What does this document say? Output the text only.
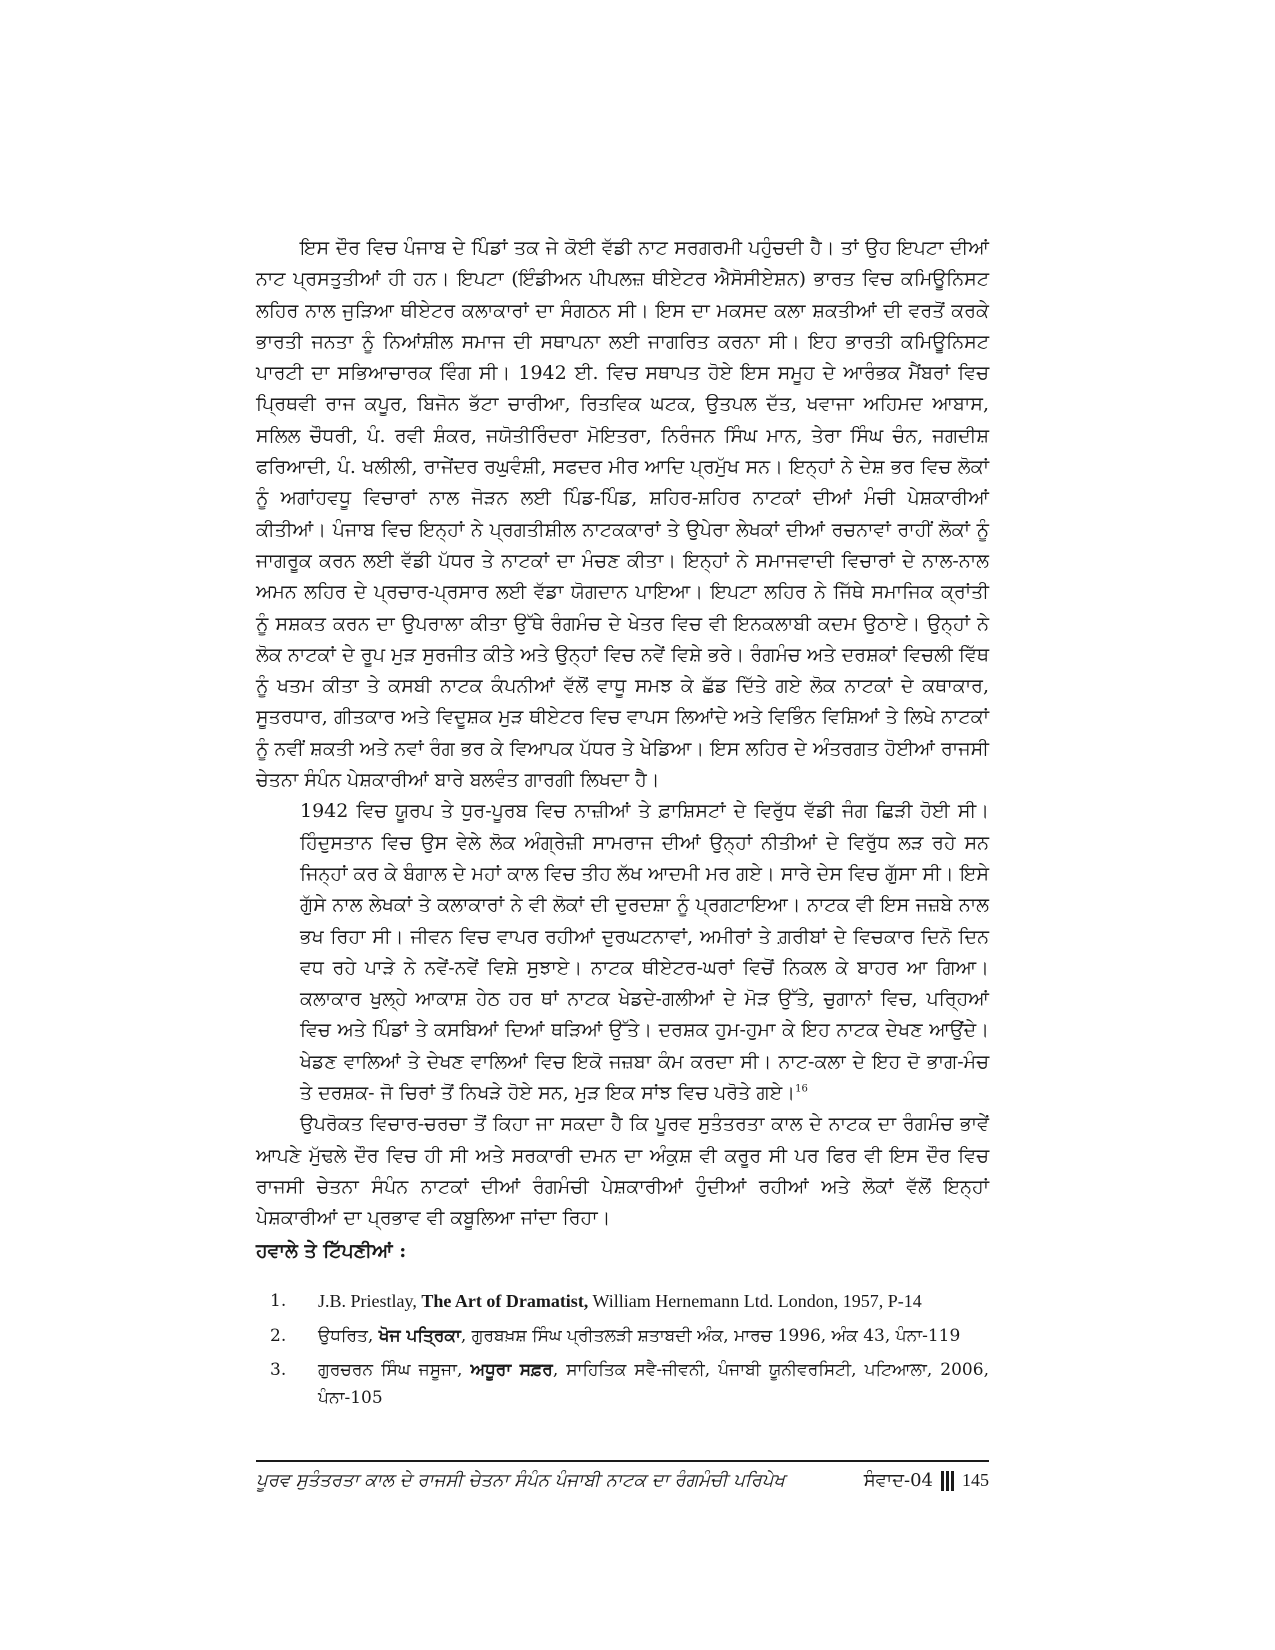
ਇਸ ਦੌਰ ਵਿਚ ਪੰਜਾਬ ਦੇ ਪਿੰਡਾਂ ਤਕ ਜੇ ਕੋਈ ਵੱਡੀ ਨਾਟ ਸਰਗਰਮੀ ਪਹੁੰਚਦੀ ਹੈ। ਤਾਂ ਉਹ ਇਪਟਾ ਦੀਆਂ ਨਾਟ ਪ੍ਰਸਤੁਤੀਆਂ ਹੀ ਹਨ। ਇਪਟਾ (ਇੰਡੀਅਨ ਪੀਪਲਜ਼ ਥੀਏਟਰ ਐਸੋਸੀਏਸ਼ਨ) ਭਾਰਤ ਵਿਚ ਕਮਿਊਨਿਸਟ ਲਹਿਰ ਨਾਲ ਜੁੜਿਆ ਥੀਏਟਰ ਕਲਾਕਾਰਾਂ ਦਾ ਸੰਗਠਨ ਸੀ। ਇਸ ਦਾ ਮਕਸਦ ਕਲਾ ਸ਼ਕਤੀਆਂ ਦੀ ਵਰਤੋਂ ਕਰਕੇ ਭਾਰਤੀ ਜਨਤਾ ਨੂੰ ਨਿਆਂਸ਼ੀਲ ਸਮਾਜ ਦੀ ਸਥਾਪਨਾ ਲਈ ਜਾਗਰਿਤ ਕਰਨਾ ਸੀ। ਇਹ ਭਾਰਤੀ ਕਮਿਊਨਿਸਟ ਪਾਰਟੀ ਦਾ ਸਭਿਆਚਾਰਕ ਵਿੰਗ ਸੀ। 1942 ਈ. ਵਿਚ ਸਥਾਪਤ ਹੋਏ ਇਸ ਸਮੂਹ ਦੇ ਆਰੰਭਕ ਮੈਂਬਰਾਂ ਵਿਚ ਪ੍ਰਿਥਵੀ ਰਾਜ ਕਪੂਰ, ਬਿਜੋਨ ਭੱਟਾ ਚਾਰੀਆ, ਰਿਤਵਿਕ ਘਟਕ, ਉਤਪਲ ਦੱਤ, ਖਵਾਜਾ ਅਹਿਮਦ ਆਬਾਸ, ਸਲਿਲ ਚੌਧਰੀ, ਪੰ. ਰਵੀ ਸ਼ੰਕਰ, ਜਯੋਤੀਰਿੰਦਰਾ ਮੋਇਤਰਾ, ਨਿਰੰਜਨ ਸਿੰਘ ਮਾਨ, ਤੇਰਾ ਸਿੰਘ ਚੰਨ, ਜਗਦੀਸ਼ ਫਰਿਆਦੀ, ਪੰ. ਖਲੀਲੀ, ਰਾਜੇਂਦਰ ਰਘੁਵੰਸ਼ੀ, ਸਫਦਰ ਮੀਰ ਆਦਿ ਪ੍ਰਮੁੱਖ ਸਨ। ਇਨ੍ਹਾਂ ਨੇ ਦੇਸ਼ ਭਰ ਵਿਚ ਲੋਕਾਂ ਨੂੰ ਅਗਾਂਹਵਧੂ ਵਿਚਾਰਾਂ ਨਾਲ ਜੋੜਨ ਲਈ ਪਿੰਡ-ਪਿੰਡ, ਸ਼ਹਿਰ-ਸ਼ਹਿਰ ਨਾਟਕਾਂ ਦੀਆਂ ਮੰਚੀ ਪੇਸ਼ਕਾਰੀਆਂ ਕੀਤੀਆਂ। ਪੰਜਾਬ ਵਿਚ ਇਨ੍ਹਾਂ ਨੇ ਪ੍ਰਗਤੀਸ਼ੀਲ ਨਾਟਕਕਾਰਾਂ ਤੇ ਉਪੇਰਾ ਲੇਖਕਾਂ ਦੀਆਂ ਰਚਨਾਵਾਂ ਰਾਹੀਂ ਲੋਕਾਂ ਨੂੰ ਜਾਗਰੂਕ ਕਰਨ ਲਈ ਵੱਡੀ ਪੱਧਰ ਤੇ ਨਾਟਕਾਂ ਦਾ ਮੰਚਣ ਕੀਤਾ। ਇਨ੍ਹਾਂ ਨੇ ਸਮਾਜਵਾਦੀ ਵਿਚਾਰਾਂ ਦੇ ਨਾਲ-ਨਾਲ ਅਮਨ ਲਹਿਰ ਦੇ ਪ੍ਰਚਾਰ-ਪ੍ਰਸਾਰ ਲਈ ਵੱਡਾ ਯੋਗਦਾਨ ਪਾਇਆ। ਇਪਟਾ ਲਹਿਰ ਨੇ ਜਿੱਥੇ ਸਮਾਜਿਕ ਕ੍ਰਾਂਤੀ ਨੂੰ ਸਸ਼ਕਤ ਕਰਨ ਦਾ ਉਪਰਾਲਾ ਕੀਤਾ ਉੱਥੇ ਰੰਗਮੰਚ ਦੇ ਖੇਤਰ ਵਿਚ ਵੀ ਇਨਕਲਾਬੀ ਕਦਮ ਉਠਾਏ। ਉਨ੍ਹਾਂ ਨੇ ਲੋਕ ਨਾਟਕਾਂ ਦੇ ਰੂਪ ਮੁੜ ਸੁਰਜੀਤ ਕੀਤੇ ਅਤੇ ਉਨ੍ਹਾਂ ਵਿਚ ਨਵੇਂ ਵਿਸ਼ੇ ਭਰੇ। ਰੰਗਮੰਚ ਅਤੇ ਦਰਸ਼ਕਾਂ ਵਿਚਲੀ ਵਿੱਥ ਨੂੰ ਖਤਮ ਕੀਤਾ ਤੇ ਕਸਬੀ ਨਾਟਕ ਕੰਪਨੀਆਂ ਵੱਲੋਂ ਵਾਧੂ ਸਮਝ ਕੇ ਛੱਡ ਦਿੱਤੇ ਗਏ ਲੋਕ ਨਾਟਕਾਂ ਦੇ ਕਥਾਕਾਰ, ਸੂਤਰਧਾਰ, ਗੀਤਕਾਰ ਅਤੇ ਵਿਦੂਸ਼ਕ ਮੁੜ ਥੀਏਟਰ ਵਿਚ ਵਾਪਸ ਲਿਆਂਦੇ ਅਤੇ ਵਿਭਿੰਨ ਵਿਸ਼ਿਆਂ ਤੇ ਲਿਖੇ ਨਾਟਕਾਂ ਨੂੰ ਨਵੀਂ ਸ਼ਕਤੀ ਅਤੇ ਨਵਾਂ ਰੰਗ ਭਰ ਕੇ ਵਿਆਪਕ ਪੱਧਰ ਤੇ ਖੇਡਿਆ। ਇਸ ਲਹਿਰ ਦੇ ਅੰਤਰਗਤ ਹੋਈਆਂ ਰਾਜਸੀ ਚੇਤਨਾ ਸੰਪੰਨ ਪੇਸ਼ਕਾਰੀਆਂ ਬਾਰੇ ਬਲਵੰਤ ਗਾਰਗੀ ਲਿਖਦਾ ਹੈ।

1942 ਵਿਚ ਯੂਰਪ ਤੇ ਧੁਰ-ਪੂਰਬ ਵਿਚ ਨਾਜ਼ੀਆਂ ਤੇ ਫ਼ਾਸ਼ਿਸਟਾਂ ਦੇ ਵਿਰੁੱਧ ਵੱਡੀ ਜੰਗ ਛਿੜੀ ਹੋਈ ਸੀ। ਹਿੰਦੁਸਤਾਨ ਵਿਚ ਉਸ ਵੇਲੇ ਲੋਕ ਅੰਗ੍ਰੇਜ਼ੀ ਸਾਮਰਾਜ ਦੀਆਂ ਉਨ੍ਹਾਂ ਨੀਤੀਆਂ ਦੇ ਵਿਰੁੱਧ ਲੜ ਰਹੇ ਸਨ ਜਿਨ੍ਹਾਂ ਕਰ ਕੇ ਬੰਗਾਲ ਦੇ ਮਹਾਂ ਕਾਲ ਵਿਚ ਤੀਹ ਲੱਖ ਆਦਮੀ ਮਰ ਗਏ। ਸਾਰੇ ਦੇਸ ਵਿਚ ਗੁੱਸਾ ਸੀ। ਇਸੇ ਗੁੱਸੇ ਨਾਲ ਲੇਖਕਾਂ ਤੇ ਕਲਾਕਾਰਾਂ ਨੇ ਵੀ ਲੋਕਾਂ ਦੀ ਦੁਰਦਸ਼ਾ ਨੂੰ ਪ੍ਰਗਟਾਇਆ। ਨਾਟਕ ਵੀ ਇਸ ਜਜ਼ਬੇ ਨਾਲ ਭਖ ਰਿਹਾ ਸੀ। ਜੀਵਨ ਵਿਚ ਵਾਪਰ ਰਹੀਆਂ ਦੁਰਘਟਨਾਵਾਂ, ਅਮੀਰਾਂ ਤੇ ਗ਼ਰੀਬਾਂ ਦੇ ਵਿਚਕਾਰ ਦਿਨੋ ਦਿਨ ਵਧ ਰਹੇ ਪਾੜੇ ਨੇ ਨਵੇਂ-ਨਵੇਂ ਵਿਸ਼ੇ ਸੁਝਾਏ। ਨਾਟਕ ਥੀਏਟਰ-ਘਰਾਂ ਵਿਚੋਂ ਨਿਕਲ ਕੇ ਬਾਹਰ ਆ ਗਿਆ। ਕਲਾਕਾਰ ਖੁਲ੍ਹੇ ਆਕਾਸ਼ ਹੇਠ ਹਰ ਥਾਂ ਨਾਟਕ ਖੇਡਦੇ-ਗਲੀਆਂ ਦੇ ਮੋੜ ਉੱਤੇ, ਚੁਗਾਨਾਂ ਵਿਚ, ਪਰ੍ਹਿਆਂ ਵਿਚ ਅਤੇ ਪਿੰਡਾਂ ਤੇ ਕਸਬਿਆਂ ਦਿਆਂ ਥੜਿਆਂ ਉੱਤੇ। ਦਰਸ਼ਕ ਹੁਮ-ਹੁਮਾ ਕੇ ਇਹ ਨਾਟਕ ਦੇਖਣ ਆਉਂਦੇ। ਖੇਡਣ ਵਾਲਿਆਂ ਤੇ ਦੇਖਣ ਵਾਲਿਆਂ ਵਿਚ ਇਕੋ ਜਜ਼ਬਾ ਕੰਮ ਕਰਦਾ ਸੀ। ਨਾਟ-ਕਲਾ ਦੇ ਇਹ ਦੋ ਭਾਗ-ਮੰਚ ਤੇ ਦਰਸ਼ਕ- ਜੋ ਚਿਰਾਂ ਤੋਂ ਨਿਖੜੇ ਹੋਏ ਸਨ, ਮੁੜ ਇਕ ਸਾਂਝ ਵਿਚ ਪਰੋਤੇ ਗਏ।$^{16}$

ਉਪਰੋਕਤ ਵਿਚਾਰ-ਚਰਚਾ ਤੋਂ ਕਿਹਾ ਜਾ ਸਕਦਾ ਹੈ ਕਿ ਪੂਰਵ ਸੁਤੰਤਰਤਾ ਕਾਲ ਦੇ ਨਾਟਕ ਦਾ ਰੰਗਮੰਚ ਭਾਵੇਂ ਆਪਣੇ ਮੁੱਢਲੇ ਦੌਰ ਵਿਚ ਹੀ ਸੀ ਅਤੇ ਸਰਕਾਰੀ ਦਮਨ ਦਾ ਅੰਕੁਸ਼ ਵੀ ਕਰੂਰ ਸੀ ਪਰ ਫਿਰ ਵੀ ਇਸ ਦੌਰ ਵਿਚ ਰਾਜਸੀ ਚੇਤਨਾ ਸੰਪੰਨ ਨਾਟਕਾਂ ਦੀਆਂ ਰੰਗਮੰਚੀ ਪੇਸ਼ਕਾਰੀਆਂ ਹੁੰਦੀਆਂ ਰਹੀਆਂ ਅਤੇ ਲੋਕਾਂ ਵੱਲੋਂ ਇਨ੍ਹਾਂ ਪੇਸ਼ਕਾਰੀਆਂ ਦਾ ਪ੍ਰਭਾਵ ਵੀ ਕਬੂਲਿਆ ਜਾਂਦਾ ਰਿਹਾ।

ਹਵਾਲੇ ਤੇ ਟਿੱਪਣੀਆਂ :

1. J.B. Priestlay, The Art of Dramatist, William Hernemann Ltd. London, 1957, P-14
2. ਉਧਰਿਤ, ਖੋਜ ਪਤ੍ਰਿਕਾ, ਗੁਰਬਖ਼ਸ਼ ਸਿੰਘ ਪ੍ਰੀਤਲੜੀ ਸ਼ਤਾਬਦੀ ਅੰਕ, ਮਾਰਚ 1996, ਅੰਕ 43, ਪੰਨਾ-119
3. ਗੁਰਚਰਨ ਸਿੰਘ ਜਸੂਜਾ, ਅਧੂਰਾ ਸਫ਼ਰ, ਸਾਹਿਤਿਕ ਸਵੈ-ਜੀਵਨੀ, ਪੰਜਾਬੀ ਯੂਨੀਵਰਸਿਟੀ, ਪਟਿਆਲਾ, 2006, ਪੰਨਾ-105
ਪੂਰਵ ਸੁਤੰਤਰਤਾ ਕਾਲ ਦੇ ਰਾਜਸੀ ਚੇਤਨਾ ਸੰਪੰਨ ਪੰਜਾਬੀ ਨਾਟਕ ਦਾ ਰੰਗਮੰਚੀ ਪਰਿਪੇਖ	ਸੰਵਾਦ-04 145
